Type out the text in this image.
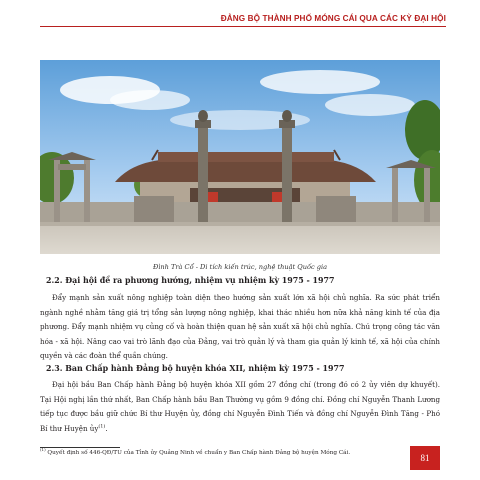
ĐẢNG BỘ THÀNH PHỐ MÓNG CÁI QUA CÁC KỲ ĐẠI HỘI
Đình Trà Cổ - Di tích kiến trúc, nghệ thuật Quốc gia
2.2. Đại hội đề ra phương hướng, nhiệm vụ nhiệm kỳ 1975 - 1977

Đẩy mạnh sản xuất nông nghiệp toàn diện theo hướng sản xuất lớn xã hội chủ nghĩa. Ra sức phát triển ngành nghề nhằm tăng giá trị tổng sản lượng nông nghiệp, khai thác nhiều hơn nữa khả năng kinh tế của địa phương. Đẩy mạnh nhiệm vụ củng cố và hoàn thiện quan hệ sản xuất xã hội chủ nghĩa. Chú trọng công tác văn hóa - xã hội. Nâng cao vai trò lãnh đạo của Đảng, vai trò quản lý và tham gia quản lý kinh tế, xã hội của chính quyền và các đoàn thể quần chúng.

2.3. Ban Chấp hành Đảng bộ huyện khóa XII, nhiệm kỳ 1975 - 1977

Đại hội bầu Ban Chấp hành Đảng bộ huyện khóa XII gồm 27 đồng chí (trong đó có 2 ủy viên dự khuyết). Tại Hội nghị lần thứ nhất, Ban Chấp hành bầu Ban Thường vụ gồm 9 đồng chí. Đồng chí Nguyễn Thanh Lương tiếp tục được bầu giữ chức Bí thư Huyện ủy, đồng chí Nguyễn Đình Tiến và đồng chí Nguyễn Đình Tăng - Phó Bí thư Huyện ủy$^{(1)}$.

$^{(1)}$ Quyết định số 446-QĐ/TU của Tỉnh ủy Quảng Ninh về chuẩn y Ban Chấp hành Đảng bộ huyện Móng Cái.	81
